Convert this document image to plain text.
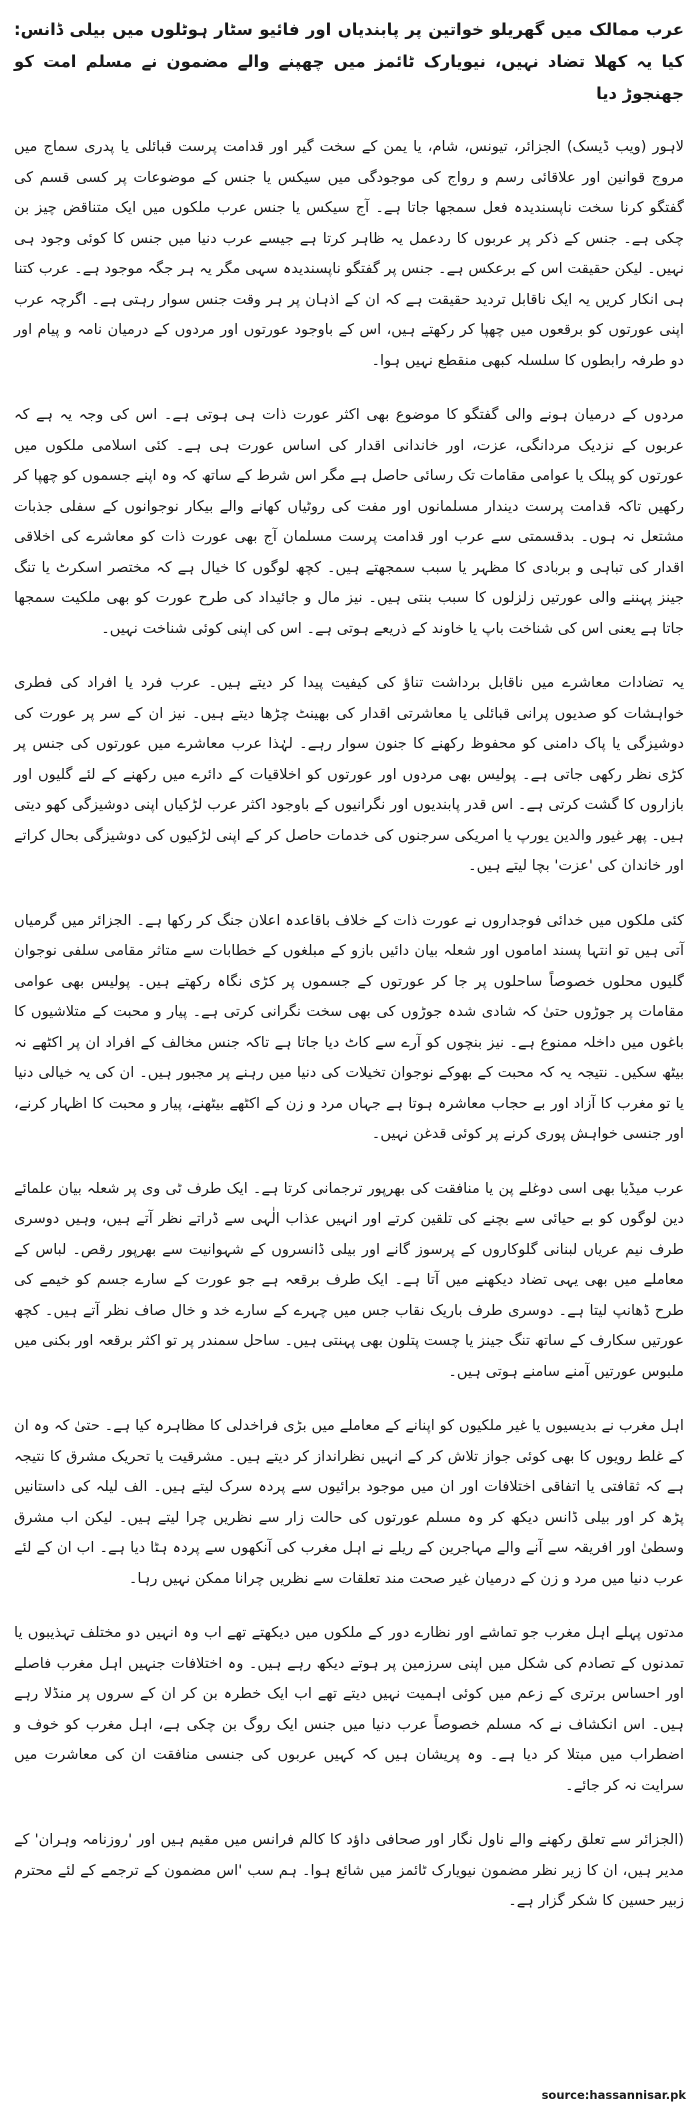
عرب ممالک میں گھریلو خواتین پر پابندیاں اور فائیو سٹار ہوٹلوں میں بیلی ڈانس: کیا یہ کھلا تضاد نہیں، نیویارک ٹائمز میں چھپنے والے مضمون نے مسلم امت کو جھنجوڑ دیا
لاہور (ویب ڈیسک) الجزائر، تیونس، شام، یا یمن کے سخت گیر اور قدامت پرست قبائلی یا پدری سماج میں مروج قوانین اور علاقائی رسم و رواج کی موجودگی میں سیکس یا جنس کے موضوعات پر کسی قسم کی گفتگو کرنا سخت ناپسندیدہ فعل سمجھا جاتا ہے۔ آج سیکس یا جنس عرب ملکوں میں ایک متناقض چیز بن چکی ہے۔ جنس کے ذکر پر عربوں کا ردعمل یہ ظاہر کرتا ہے جیسے عرب دنیا میں جنس کا کوئی وجود ہی نہیں۔ لیکن حقیقت اس کے برعکس ہے۔ جنس پر گفتگو ناپسندیدہ سہی مگر یہ ہر جگہ موجود ہے۔ عرب کتنا ہی انکار کریں یہ ایک ناقابل تردید حقیقت ہے کہ ان کے اذہان پر ہر وقت جنس سوار رہتی ہے۔ اگرچہ عرب اپنی عورتوں کو برقعوں میں چھپا کر رکھتے ہیں، اس کے باوجود عورتوں اور مردوں کے درمیان نامہ و پیام اور دو طرفہ رابطوں کا سلسلہ کبھی منقطع نہیں ہوا۔
مردوں کے درمیان ہونے والی گفتگو کا موضوع بھی اکثر عورت ذات ہی ہوتی ہے۔ اس کی وجہ یہ ہے کہ عربوں کے نزدیک مردانگی، عزت، اور خاندانی اقدار کی اساس عورت ہی ہے۔ کئی اسلامی ملکوں میں عورتوں کو پبلک یا عوامی مقامات تک رسائی حاصل ہے مگر اس شرط کے ساتھ کہ وہ اپنے جسموں کو چھپا کر رکھیں تاکہ قدامت پرست دیندار مسلمانوں اور مفت کی روٹیاں کھانے والے بیکار نوجوانوں کے سفلی جذبات مشتعل نہ ہوں۔ بدقسمتی سے عرب اور قدامت پرست مسلمان آج بھی عورت ذات کو معاشرے کی اخلاقی اقدار کی تباہی و بربادی کا مظہر یا سبب سمجھتے ہیں۔ کچھ لوگوں کا خیال ہے کہ مختصر اسکرٹ یا تنگ جینز پہننے والی عورتیں زلزلوں کا سبب بنتی ہیں۔ نیز مال و جائیداد کی طرح عورت کو بھی ملکیت سمجھا جاتا ہے یعنی اس کی شناخت باپ یا خاوند کے ذریعے ہوتی ہے۔ اس کی اپنی کوئی شناخت نہیں۔
یہ تضادات معاشرے میں ناقابل برداشت تناؤ کی کیفیت پیدا کر دیتے ہیں۔ عرب فرد یا افراد کی فطری خواہشات کو صدیوں پرانی قبائلی یا معاشرتی اقدار کی بھینٹ چڑھا دیتے ہیں۔ نیز ان کے سر پر عورت کی دوشیزگی یا پاک دامنی کو محفوظ رکھنے کا جنون سوار رہے۔ لہٰذا عرب معاشرے میں عورتوں کی جنس پر کڑی نظر رکھی جاتی ہے۔ پولیس بھی مردوں اور عورتوں کو اخلاقیات کے دائرے میں رکھنے کے لئے گلیوں اور بازاروں کا گشت کرتی ہے۔ اس قدر پابندیوں اور نگرانیوں کے باوجود اکثر عرب لڑکیاں اپنی دوشیزگی کھو دیتی ہیں۔ پھر غیور والدین یورپ یا امریکی سرجنوں کی خدمات حاصل کر کے اپنی لڑکیوں کی دوشیزگی بحال کراتے اور خاندان کی 'عزت' بچا لیتے ہیں۔
کئی ملکوں میں خدائی فوجداروں نے عورت ذات کے خلاف باقاعدہ اعلان جنگ کر رکھا ہے۔ الجزائر میں گرمیاں آتی ہیں تو انتہا پسند اماموں اور شعلہ بیان دائیں بازو کے مبلغوں کے خطابات سے متاثر مقامی سلفی نوجوان گلیوں محلوں خصوصاً ساحلوں پر جا کر عورتوں کے جسموں پر کڑی نگاہ رکھتے ہیں۔ پولیس بھی عوامی مقامات پر جوڑوں حتیٰ کہ شادی شدہ جوڑوں کی بھی سخت نگرانی کرتی ہے۔ پیار و محبت کے متلاشیوں کا باغوں میں داخلہ ممنوع ہے۔ نیز بنچوں کو آرے سے کاٹ دیا جاتا ہے تاکہ جنس مخالف کے افراد ان پر اکٹھے نہ بیٹھ سکیں۔ نتیجہ یہ کہ محبت کے بھوکے نوجوان تخیلات کی دنیا میں رہنے پر مجبور ہیں۔ ان کی یہ خیالی دنیا یا تو مغرب کا آزاد اور بے حجاب معاشرہ ہوتا ہے جہاں مرد و زن کے اکٹھے بیٹھنے، پیار و محبت کا اظہار کرنے، اور جنسی خواہش پوری کرنے پر کوئی قدغن نہیں۔
عرب میڈیا بھی اسی دوغلے پن یا منافقت کی بھرپور ترجمانی کرتا ہے۔ ایک طرف ٹی وی پر شعلہ بیان علمائے دین لوگوں کو بے حیائی سے بچنے کی تلقین کرتے اور انہیں عذاب الٰہی سے ڈراتے نظر آتے ہیں، وہیں دوسری طرف نیم عریاں لبنانی گلوکاروں کے پرسوز گانے اور بیلی ڈانسروں کے شہوانیت سے بھرپور رقص۔ لباس کے معاملے میں بھی یہی تضاد دیکھنے میں آتا ہے۔ ایک طرف برقعہ ہے جو عورت کے سارے جسم کو خیمے کی طرح ڈھانپ لیتا ہے۔ دوسری طرف باریک نقاب جس میں چہرے کے سارے خد و خال صاف نظر آتے ہیں۔ کچھ عورتیں سکارف کے ساتھ تنگ جینز یا چست پتلون بھی پہنتی ہیں۔ ساحل سمندر پر تو اکثر برقعہ اور بکنی میں ملبوس عورتیں آمنے سامنے ہوتی ہیں۔
اہل مغرب نے بدیسیوں یا غیر ملکیوں کو اپنانے کے معاملے میں بڑی فراخدلی کا مظاہرہ کیا ہے۔ حتیٰ کہ وہ ان کے غلط رویوں کا بھی کوئی جواز تلاش کر کے انہیں نظرانداز کر دیتے ہیں۔ مشرقیت یا تحریک مشرق کا نتیجہ ہے کہ ثقافتی یا اتفاقی اختلافات اور ان میں موجود برائیوں سے پردہ سرک لیتے ہیں۔ الف لیلہ کی داستانیں پڑھ کر اور بیلی ڈانس دیکھ کر وہ مسلم عورتوں کی حالت زار سے نظریں چرا لیتے ہیں۔ لیکن اب مشرق وسطیٰ اور افریقہ سے آنے والے مہاجرین کے ریلے نے اہل مغرب کی آنکھوں سے پردہ ہٹا دیا ہے۔ اب ان کے لئے عرب دنیا میں مرد و زن کے درمیان غیر صحت مند تعلقات سے نظریں چرانا ممکن نہیں رہا۔
مدتوں پہلے اہل مغرب جو تماشے اور نظارے دور کے ملکوں میں دیکھتے تھے اب وہ انہیں دو مختلف تہذیبوں یا تمدنوں کے تصادم کی شکل میں اپنی سرزمین پر ہوتے دیکھ رہے ہیں۔ وہ اختلافات جنہیں اہل مغرب فاصلے اور احساس برتری کے زعم میں کوئی اہمیت نہیں دیتے تھے اب ایک خطرہ بن کر ان کے سروں پر منڈلا رہے ہیں۔ اس انکشاف نے کہ مسلم خصوصاً عرب دنیا میں جنس ایک روگ بن چکی ہے، اہل مغرب کو خوف و اضطراب میں مبتلا کر دیا ہے۔ وہ پریشان ہیں کہ کہیں عربوں کی جنسی منافقت ان کی معاشرت میں سرایت نہ کر جائے۔
(الجزائر سے تعلق رکھنے والے ناول نگار اور صحافی داؤد کا کالم فرانس میں مقیم ہیں اور 'روزنامہ وہران' کے مدیر ہیں، ان کا زیر نظر مضمون نیویارک ٹائمز میں شائع ہوا۔ ہم سب 'اس مضمون کے ترجمے کے لئے محترم زبیر حسین کا شکر گزار ہے۔
source:hassannisar.pk
